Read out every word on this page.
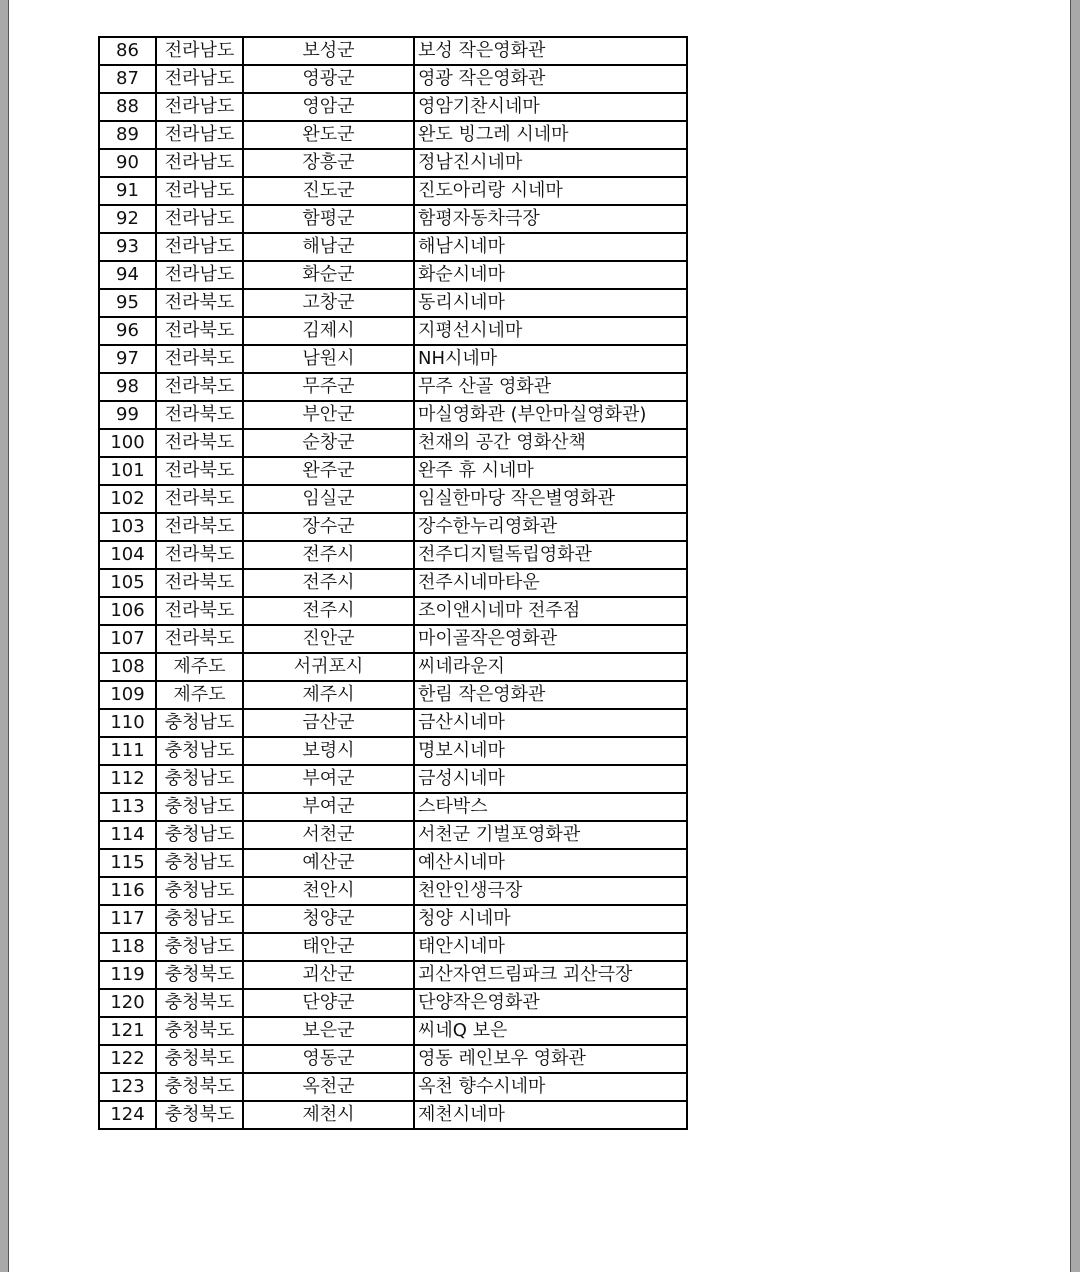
86	전라남도	보성군	보성 작은영화관
87	전라남도	영광군	영광 작은영화관
88	전라남도	영암군	영암기찬시네마
89	전라남도	완도군	완도 빙그레 시네마
90	전라남도	장흥군	정남진시네마
91	전라남도	진도군	진도아리랑 시네마
92	전라남도	함평군	함평자동차극장
93	전라남도	해남군	해남시네마
94	전라남도	화순군	화순시네마
95	전라북도	고창군	동리시네마
96	전라북도	김제시	지평선시네마
97	전라북도	남원시	NH시네마
98	전라북도	무주군	무주 산골 영화관
99	전라북도	부안군	마실영화관 (부안마실영화관)
100	전라북도	순창군	천재의 공간 영화산책
101	전라북도	완주군	완주 휴 시네마
102	전라북도	임실군	임실한마당 작은별영화관
103	전라북도	장수군	장수한누리영화관
104	전라북도	전주시	전주디지털독립영화관
105	전라북도	전주시	전주시네마타운
106	전라북도	전주시	조이앤시네마 전주점
107	전라북도	진안군	마이골작은영화관
108	제주도	서귀포시	씨네라운지
109	제주도	제주시	한림 작은영화관
110	충청남도	금산군	금산시네마
111	충청남도	보령시	명보시네마
112	충청남도	부여군	금성시네마
113	충청남도	부여군	스타박스
114	충청남도	서천군	서천군 기벌포영화관
115	충청남도	예산군	예산시네마
116	충청남도	천안시	천안인생극장
117	충청남도	청양군	청양 시네마
118	충청남도	태안군	태안시네마
119	충청북도	괴산군	괴산자연드림파크 괴산극장
120	충청북도	단양군	단양작은영화관
121	충청북도	보은군	씨네Q 보은
122	충청북도	영동군	영동 레인보우 영화관
123	충청북도	옥천군	옥천 향수시네마
124	충청북도	제천시	제천시네마
